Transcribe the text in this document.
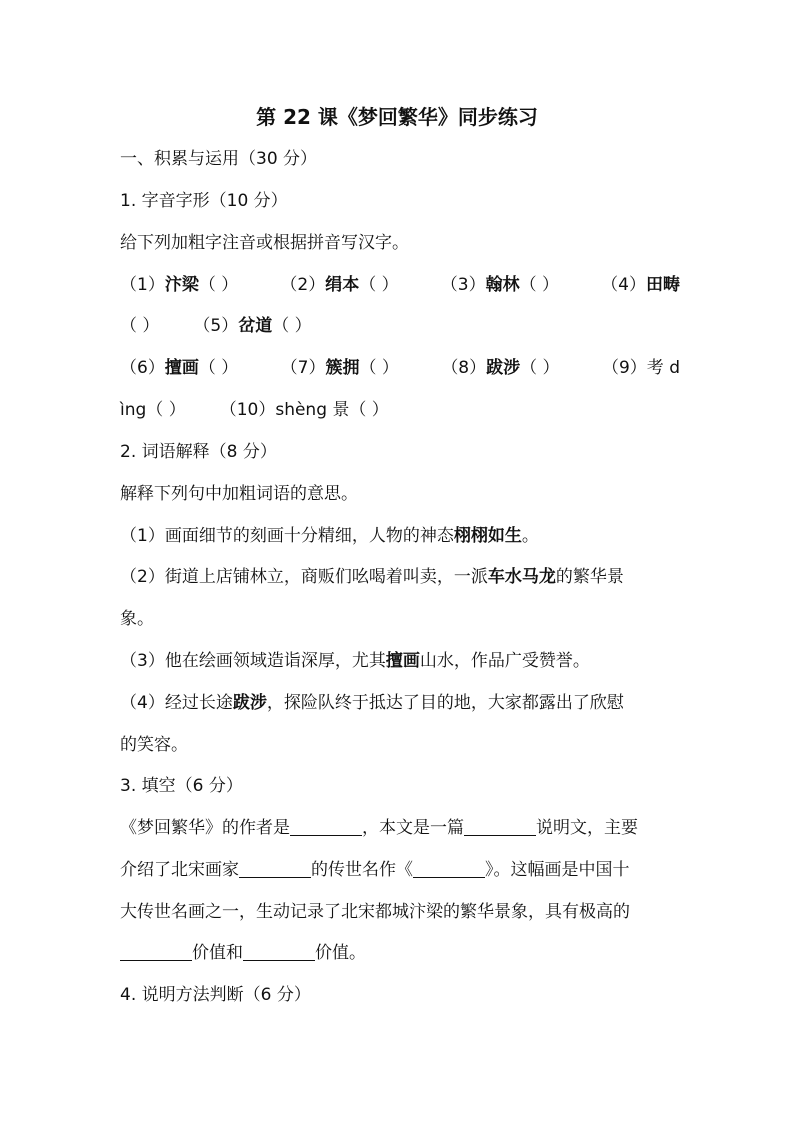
第 22 课《梦回繁华》同步练习
一、积累与运用（30 分）
1. 字音字形（10 分）
给下列加粗字注音或根据拼音写汉字。
（1）汴梁（ ） （2）绢本（ ） （3）翰林（ ） （4）田畴
（ ） （5）岔道（ ）
（6）擅画（ ） （7）簇拥（ ） （8）跋涉（ ） （9）考 d
ìng（ ） （10）shèng 景（ ）
2. 词语解释（8 分）
解释下列句中加粗词语的意思。
（1）画面细节的刻画十分精细，人物的神态栩栩如生。
（2）街道上店铺林立，商贩们吆喝着叫卖，一派车水马龙的繁华景
象。
（3）他在绘画领域造诣深厚，尤其擅画山水，作品广受赞誉。
（4）经过长途跋涉，探险队终于抵达了目的地，大家都露出了欣慰
的笑容。
3. 填空（6 分）
《梦回繁华》的作者是	，本文是一篇	说明文，主要
介绍了北宋画家	的传世名作《	》。这幅画是中国十
大传世名画之一，生动记录了北宋都城汴梁的繁华景象，具有极高的
价值和	价值。
4. 说明方法判断（6 分）
